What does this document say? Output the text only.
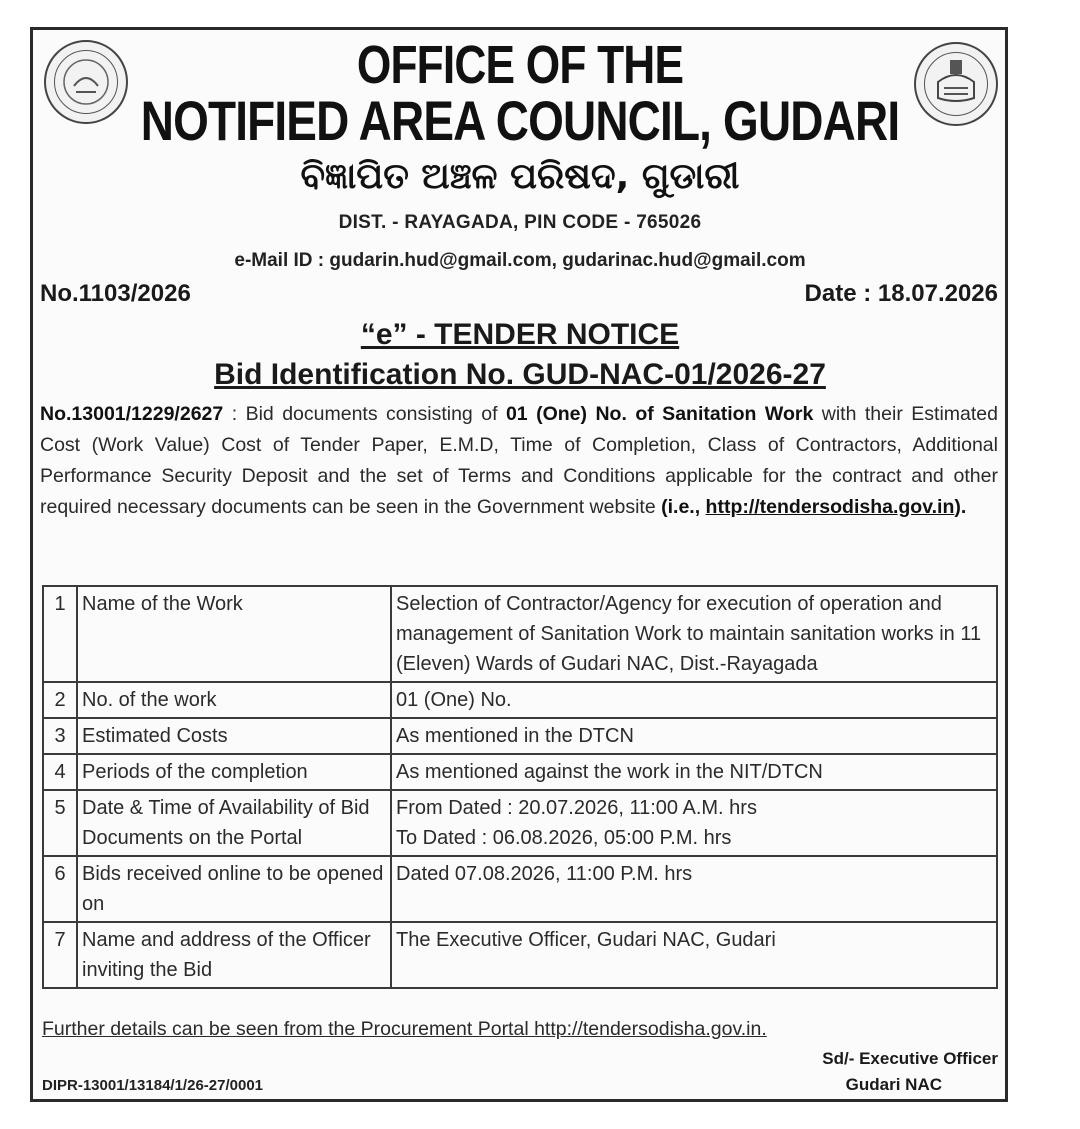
OFFICE OF THE
NOTIFIED AREA COUNCIL, GUDARI
ବିଜ୍ଞାପିତ ଅଞ୍ଚଳ ପରିଷଦ, ଗୁଡାରୀ
DIST. - RAYAGADA, PIN CODE - 765026
e-Mail ID : gudarin.hud@gmail.com, gudarinac.hud@gmail.com
No.1103/2026	Date : 18.07.2026
“e” - TENDER NOTICE
Bid Identification No. GUD-NAC-01/2026-27
No.13001/1229/2627 : Bid documents consisting of 01 (One) No. of Sanitation Work with their Estimated Cost (Work Value) Cost of Tender Paper, E.M.D, Time of Completion, Class of Contractors, Additional Performance Security Deposit and the set of Terms and Conditions applicable for the contract and other required necessary documents can be seen in the Government website (i.e., http://tendersodisha.gov.in).
1	Name of the Work	Selection of Contractor/Agency for execution of operation and management of Sanitation Work to maintain sanitation works in 11 (Eleven) Wards of Gudari NAC, Dist.-Rayagada
2	No. of the work	01 (One) No.
3	Estimated Costs	As mentioned in the DTCN
4	Periods of the completion	As mentioned against the work in the NIT/DTCN
5	Date & Time of Availability of Bid Documents on the Portal	From Dated : 20.07.2026, 11:00 A.M. hrs
To Dated : 06.08.2026, 05:00 P.M. hrs

6	Bids received online to be opened on	Dated 07.08.2026, 11:00 P.M. hrs
7	Name and address of the Officer inviting the Bid	The Executive Officer, Gudari NAC, Gudari
Further details can be seen from the Procurement Portal http://tendersodisha.gov.in.
Sd/- Executive Officer
Gudari NAC
DIPR-13001/13184/1/26-27/0001
